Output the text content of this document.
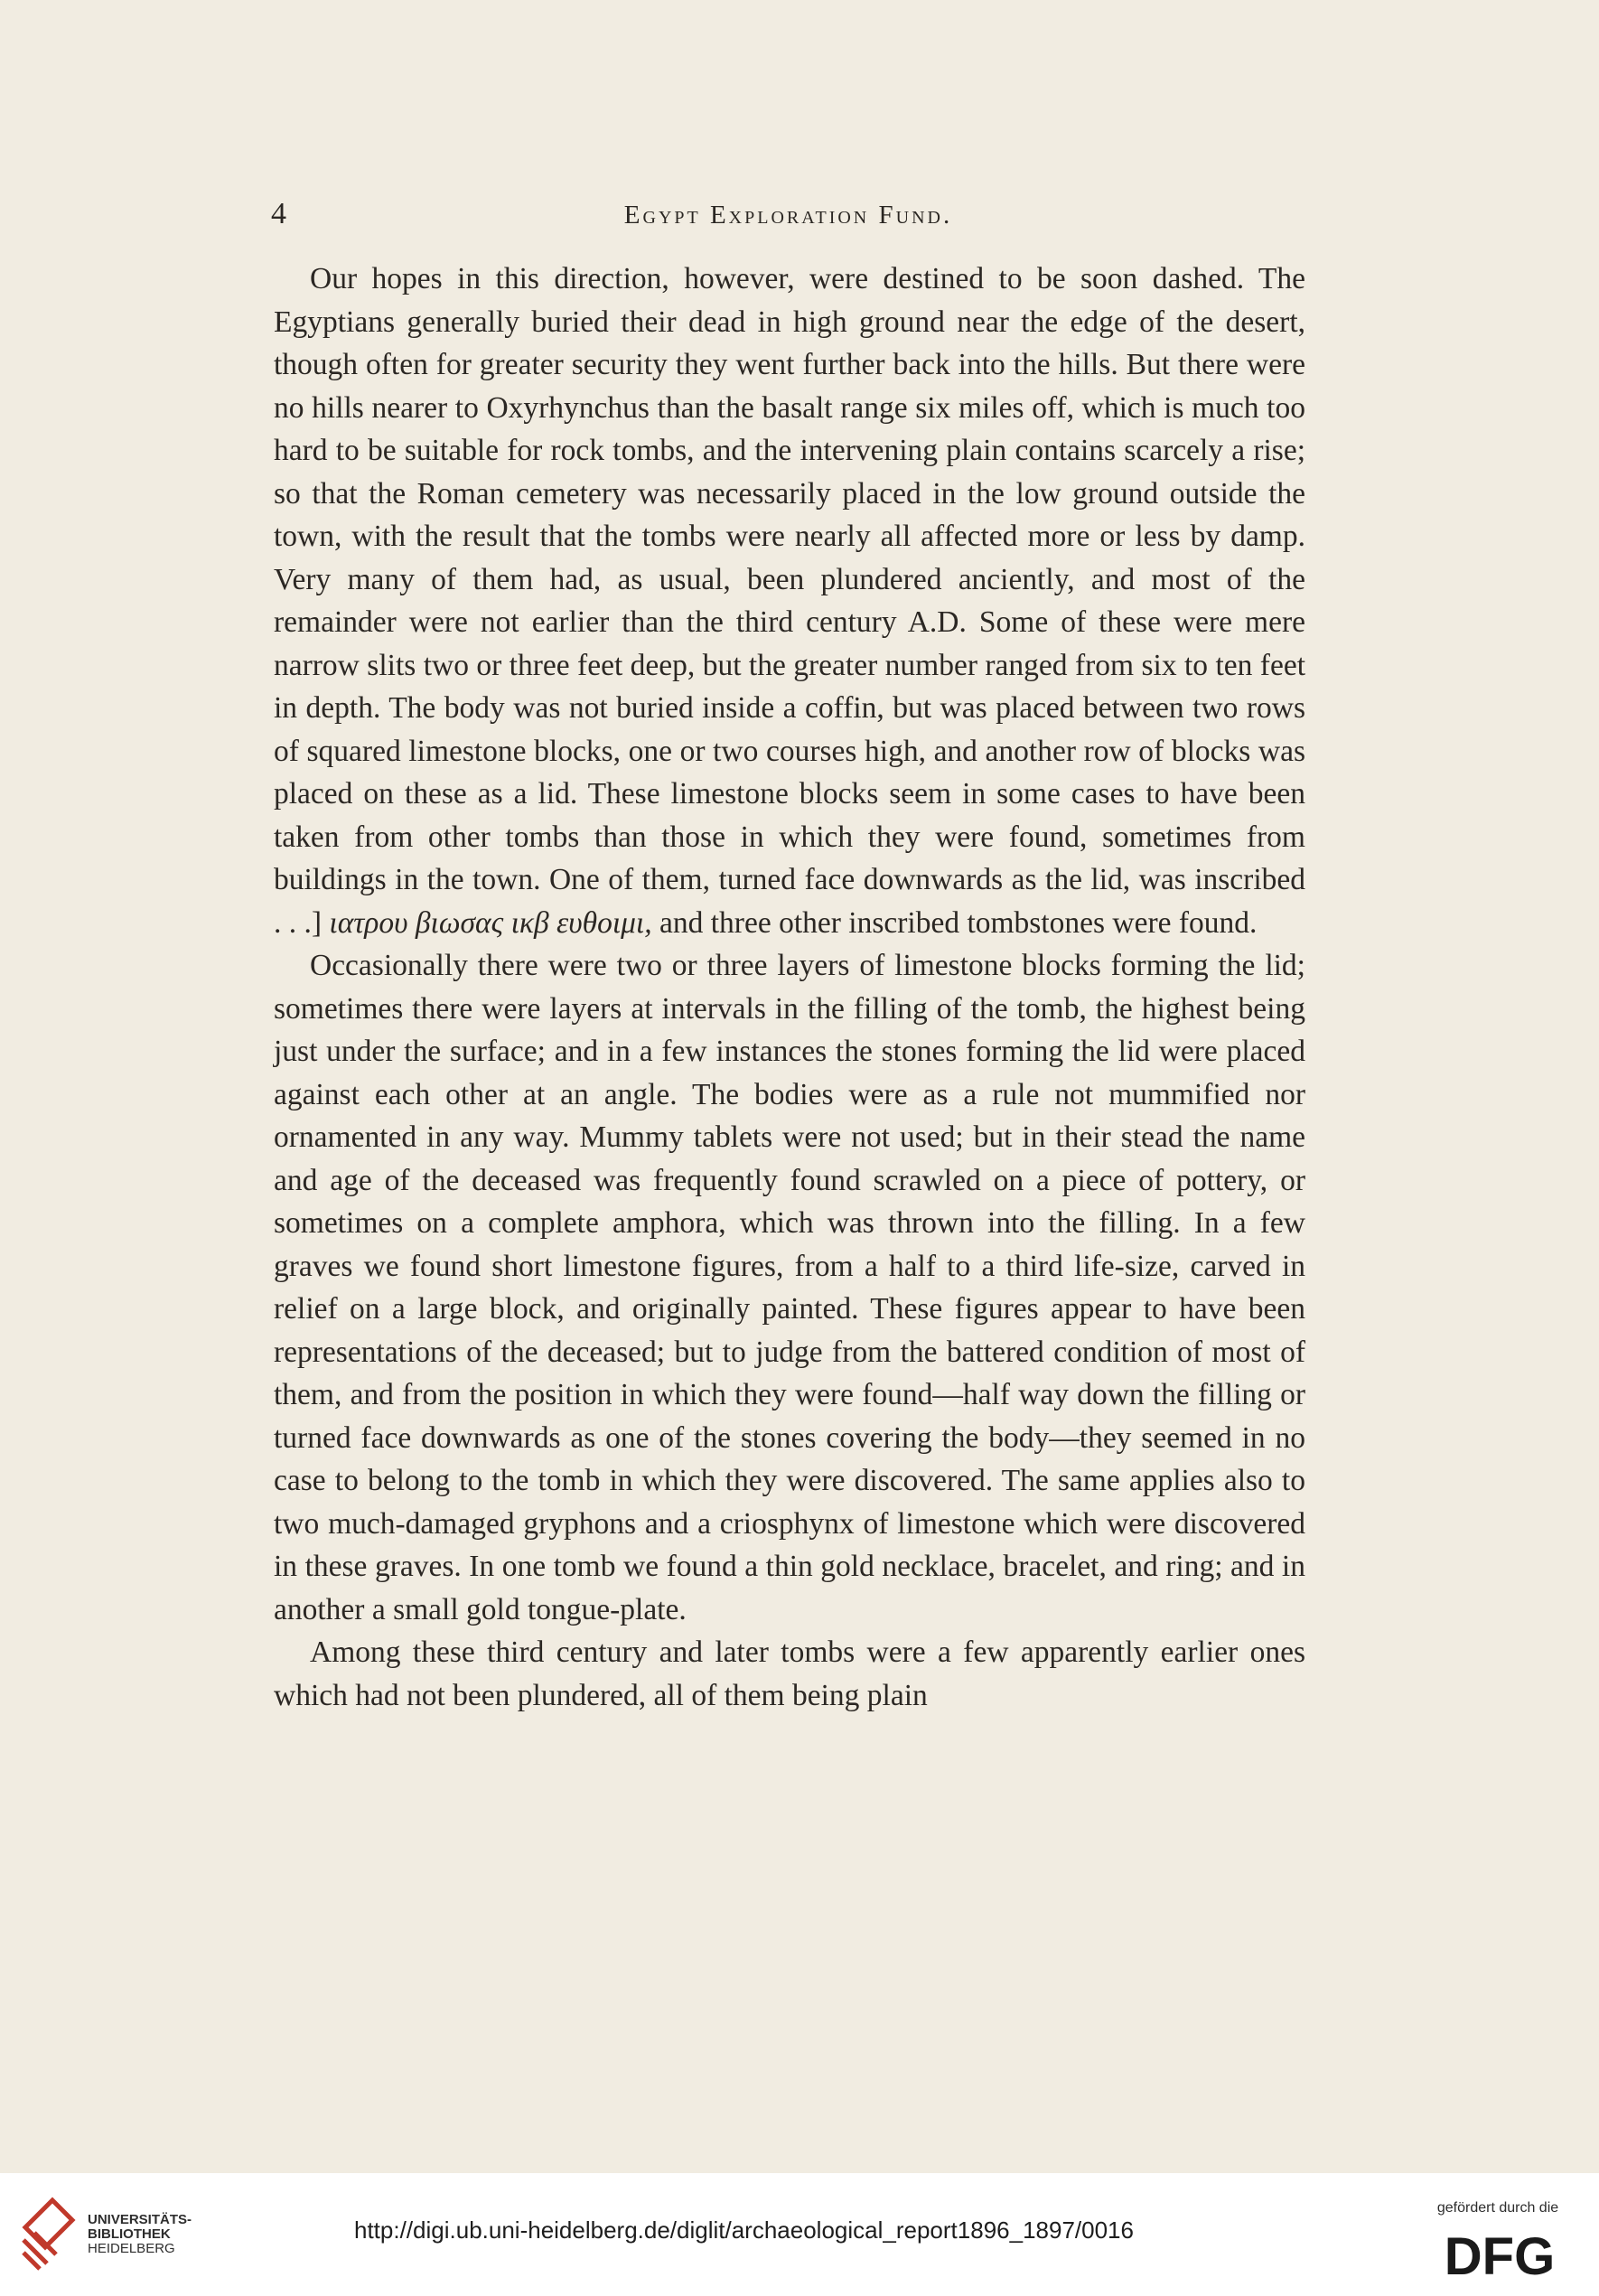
4	Egypt Exploration Fund.

Our hopes in this direction, however, were destined to be soon dashed. The Egyptians generally buried their dead in high ground near the edge of the desert, though often for greater security they went further back into the hills. But there were no hills nearer to Oxyrhynchus than the basalt range six miles off, which is much too hard to be suitable for rock tombs, and the intervening plain contains scarcely a rise; so that the Roman cemetery was necessarily placed in the low ground outside the town, with the result that the tombs were nearly all affected more or less by damp. Very many of them had, as usual, been plundered anciently, and most of the remainder were not earlier than the third century A.D. Some of these were mere narrow slits two or three feet deep, but the greater number ranged from six to ten feet in depth. The body was not buried inside a coffin, but was placed between two rows of squared limestone blocks, one or two courses high, and another row of blocks was placed on these as a lid. These limestone blocks seem in some cases to have been taken from other tombs than those in which they were found, sometimes from buildings in the town. One of them, turned face downwards as the lid, was inscribed . . .] ιατρου βιωσας ικβ ευθοιμι, and three other inscribed tombstones were found.

Occasionally there were two or three layers of limestone blocks forming the lid; sometimes there were layers at intervals in the filling of the tomb, the highest being just under the surface; and in a few instances the stones forming the lid were placed against each other at an angle. The bodies were as a rule not mummified nor ornamented in any way. Mummy tablets were not used; but in their stead the name and age of the deceased was frequently found scrawled on a piece of pottery, or sometimes on a complete amphora, which was thrown into the filling. In a few graves we found short limestone figures, from a half to a third life-size, carved in relief on a large block, and originally painted. These figures appear to have been representations of the deceased; but to judge from the battered condition of most of them, and from the position in which they were found—half way down the filling or turned face downwards as one of the stones covering the body—they seemed in no case to belong to the tomb in which they were discovered. The same applies also to two much-damaged gryphons and a criosphynx of limestone which were discovered in these graves. In one tomb we found a thin gold necklace, bracelet, and ring; and in another a small gold tongue-plate.

Among these third century and later tombs were a few apparently earlier ones which had not been plundered, all of them being plain

UNIVERSITÄTS-
BIBLIOTHEK
HEIDELBERG
http://digi.ub.uni-heidelberg.de/diglit/archaeological_report1896_1897/0016
gefördert durch die
DFG
